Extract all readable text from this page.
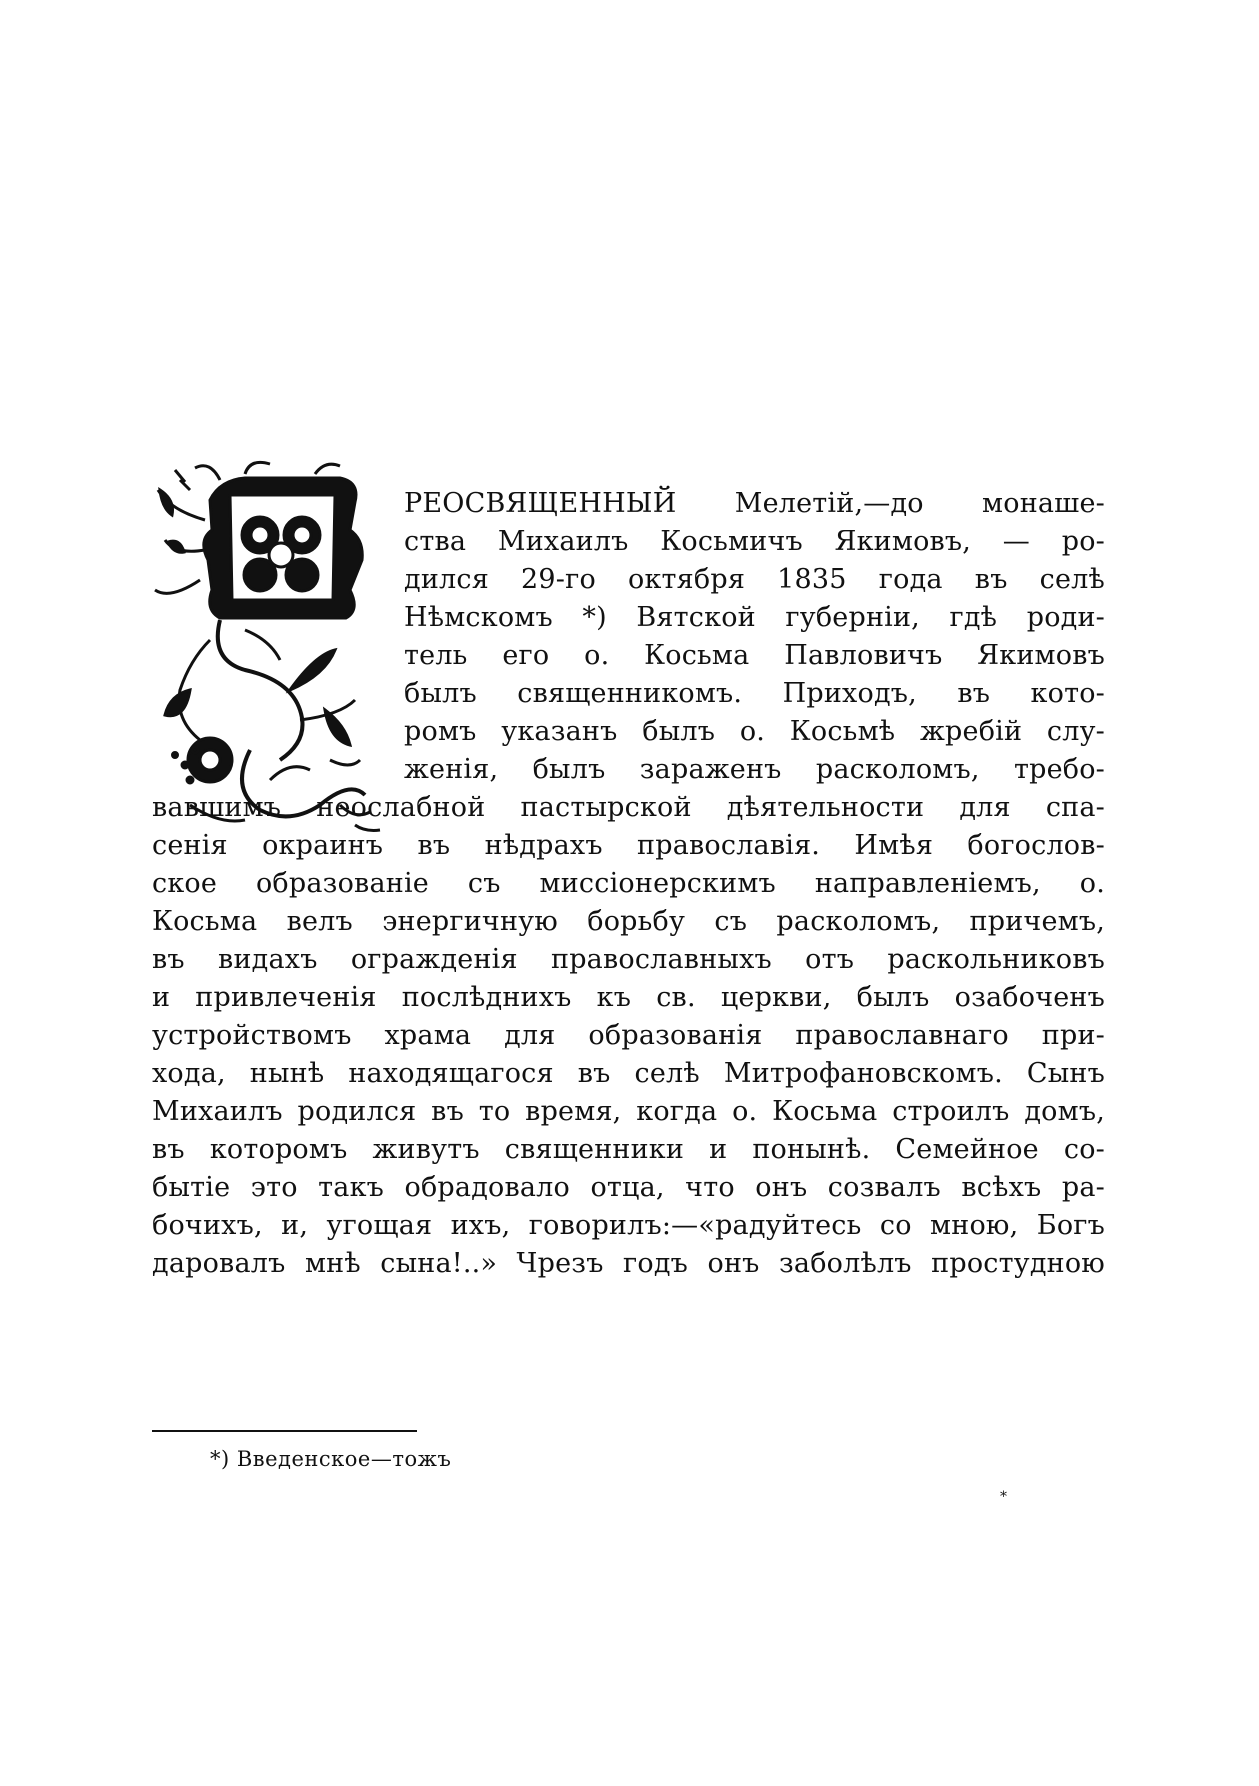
РЕОСВЯЩЕННЫЙ Мелетій,—до монаше-
ства Михаилъ Косьмичъ Якимовъ, — ро-
дился 29-го октября 1835 года въ селѣ
Нѣмскомъ *) Вятской губерніи, гдѣ роди-
тель его о. Косьма Павловичъ Якимовъ
былъ священникомъ. Приходъ, въ кото-
ромъ указанъ былъ о. Косьмѣ жребій слу-
женія, былъ зараженъ расколомъ, требо-
вавшимъ неослабной пастырской дѣятельности для спа-
сенія окраинъ въ нѣдрахъ православія. Имѣя богослов-
ское образованіе съ миссіонерскимъ направленіемъ, о.
Косьма велъ энергичную борьбу съ расколомъ, причемъ,
въ видахъ огражденія православныхъ отъ раскольниковъ
и привлеченія послѣднихъ къ св. церкви, былъ озабоченъ
устройствомъ храма для образованія православнаго при-
хода, нынѣ находящагося въ селѣ Митрофановскомъ. Сынъ
Михаилъ родился въ то время, когда о. Косьма строилъ домъ,
въ которомъ живутъ священники и понынѣ. Семейное со-
бытіе это такъ обрадовало отца, что онъ созвалъ всѣхъ ра-
бочихъ, и, угощая ихъ, говорилъ:—«радуйтесь со мною, Богъ
даровалъ мнѣ сына!..» Чрезъ годъ онъ заболѣлъ простудною
*) Введенское—тожъ
*
